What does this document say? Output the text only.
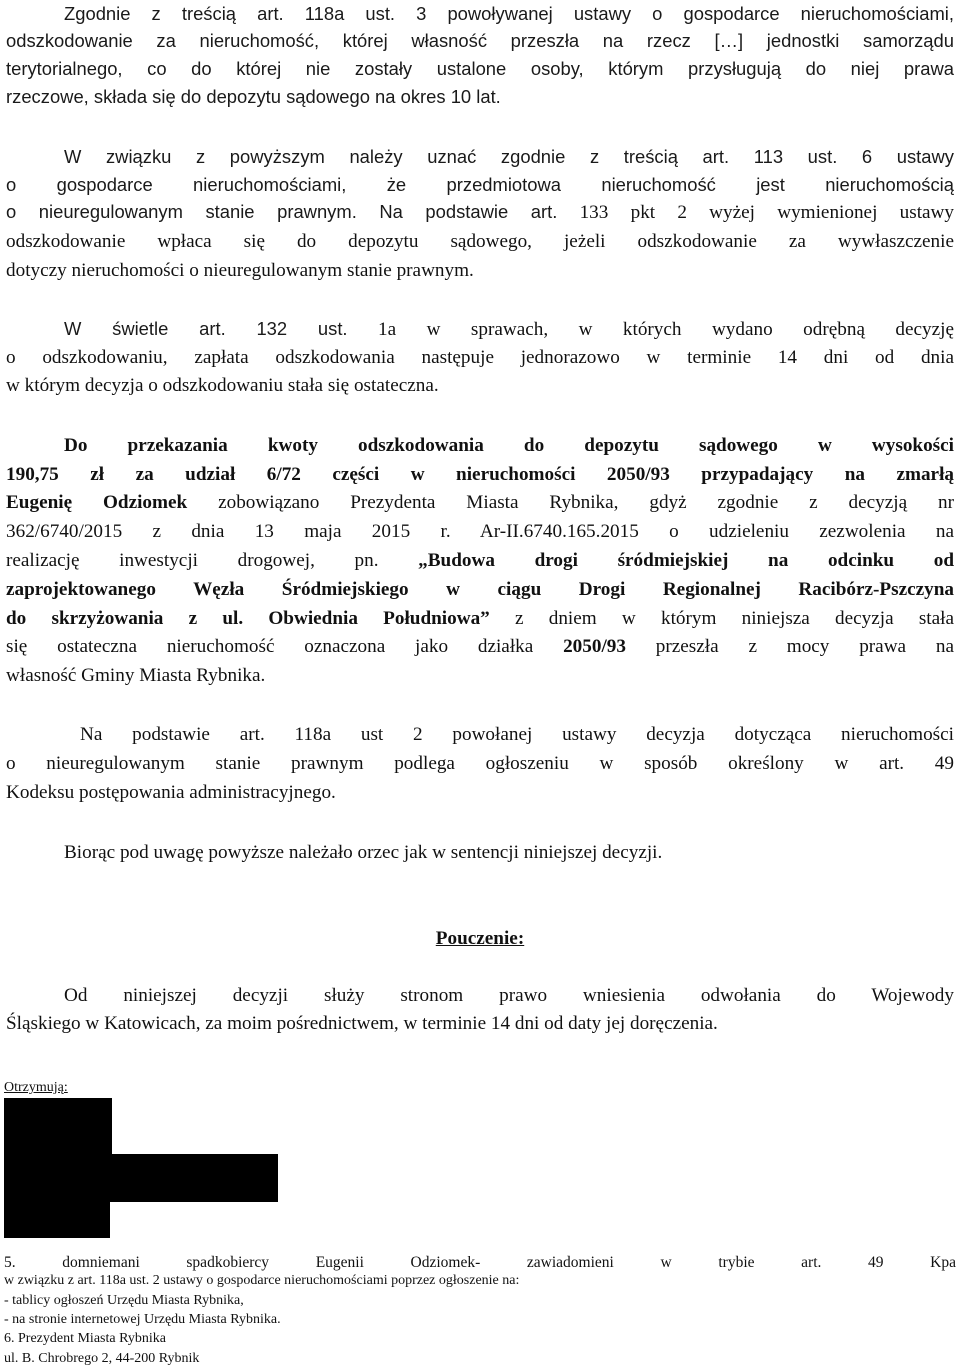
Zgodnie z treścią art. 118a ust. 3 powoływanej ustawy o gospodarce nieruchomościami,
odszkodowanie za nieruchomość, której własność przeszła na rzecz […] jednostki samorządu
terytorialnego, co do której nie zostały ustalone osoby, którym przysługują do niej prawa
rzeczowe, składa się do depozytu sądowego na okres 10 lat.
W związku z powyższym należy uznać zgodnie z treścią art. 113 ust. 6 ustawy
o gospodarce nieruchomościami, że przedmiotowa nieruchomość jest nieruchomością
o nieuregulowanym stanie prawnym. Na podstawie art. 133 pkt 2 wyżej wymienionej ustawy
odszkodowanie wpłaca się do depozytu sądowego, jeżeli odszkodowanie za wywłaszczenie
dotyczy nieruchomości o nieuregulowanym stanie prawnym.
W świetle art. 132 ust. 1a w sprawach, w których wydano odrębną decyzję
o odszkodowaniu, zapłata odszkodowania następuje jednorazowo w terminie 14 dni od dnia
w którym decyzja o odszkodowaniu stała się ostateczna.
Do przekazania kwoty odszkodowania do depozytu sądowego w wysokości
190,75 zł za udział 6/72 części w nieruchomości 2050/93 przypadający na zmarłą
Eugenię Odziomek zobowiązano Prezydenta Miasta Rybnika, gdyż zgodnie z decyzją nr
362/6740/2015 z dnia 13 maja 2015 r. Ar-II.6740.165.2015 o udzieleniu zezwolenia na
realizację inwestycji drogowej, pn. „Budowa drogi śródmiejskiej na odcinku od
zaprojektowanego Węzła Śródmiejskiego w ciągu Drogi Regionalnej Racibórz-Pszczyna
do skrzyżowania z ul. Obwiednia Południowa” z dniem w którym niniejsza decyzja stała
się ostateczna nieruchomość oznaczona jako działka 2050/93 przeszła z mocy prawa na
własność Gminy Miasta Rybnika.
Na podstawie art. 118a ust 2 powołanej ustawy decyzja dotycząca nieruchomości
o nieuregulowanym stanie prawnym podlega ogłoszeniu w sposób określony w art. 49
Kodeksu postępowania administracyjnego.
Biorąc pod uwagę powyższe należało orzec jak w sentencji niniejszej decyzji.
Pouczenie:
Od niniejszej decyzji służy stronom prawo wniesienia odwołania do Wojewody
Śląskiego w Katowicach, za moim pośrednictwem, w terminie 14 dni od daty jej doręczenia.
Otrzymują:
5. domniemani spadkobiercy Eugenii Odziomek- zawiadomieni w trybie art. 49 Kpa
w związku z art. 118a ust. 2 ustawy o gospodarce nieruchomościami poprzez ogłoszenie na:
- tablicy ogłoszeń Urzędu Miasta Rybnika,
- na stronie internetowej Urzędu Miasta Rybnika.
6. Prezydent Miasta Rybnika
ul. B. Chrobrego 2, 44-200 Rybnik
